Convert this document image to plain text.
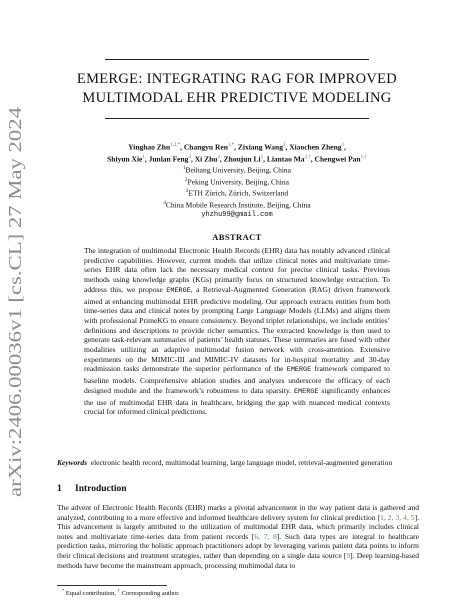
arXiv:2406.00036v1 [cs.CL] 27 May 2024
EMERGE: INTEGRATING RAG FOR IMPROVED
MULTIMODAL EHR PREDICTIVE MODELING
Yinghao Zhu$^{1,2,*}$, Changyu Ren$^{1,*}$, Zixiang Wang$^2$, Xiaochen Zheng$^3$,
Shiyun Xie$^1$, Junlan Feng$^4$, Xi Zhu$^4$, Zhoujun Li$^1$, Liantao $Ma^{2,\dagger}$, Chengwei Pan$^{1,\dagger}$
$^1$Beihang University, Beijing, China
$^2$Peking University, Beijing, China
$^3$ETH Zürich, Zürich, Switzerland
$^4$China Mobile Research Institute, Beijing, China
yhzhu99@gmail.com
ABSTRACT
The integration of multimodal Electronic Health Records (EHR) data has notably advanced clinical predictive capabilities. However, current models that utilize clinical notes and multivariate time-series EHR data often lack the necessary medical context for precise clinical tasks. Previous methods using knowledge graphs (KGs) primarily focus on structured knowledge extraction. To address this, we propose EMERGE, a Retrieval-Augmented Generation (RAG) driven framework aimed at enhancing multimodal EHR predictive modeling. Our approach extracts entities from both time-series data and clinical notes by prompting Large Language Models (LLMs) and aligns them with professional PrimeKG to ensure consistency. Beyond triplet relationships, we include entities’ definitions and descriptions to provide richer semantics. The extracted knowledge is then used to generate task-relevant summaries of patients’ health statuses. These summaries are fused with other modalities utilizing an adaptive multimodal fusion network with cross-attention. Extensive experiments on the MIMIC-III and MIMIC-IV datasets for in-hospital mortality and 30-day readmission tasks demonstrate the superior performance of the EMERGE framework compared to baseline models. Comprehensive ablation studies and analyses underscore the efficacy of each designed module and the framework’s robustness to data sparsity. EMERGE significantly enhances the use of multimodal EHR data in healthcare, bridging the gap with nuanced medical contexts crucial for informed clinical predictions.
Keywords electronic health record, multimodal learning, large language model, retrieval-augmented generation
1 Introduction
The advent of Electronic Health Records (EHR) marks a pivotal advancement in the way patient data is gathered and analyzed, contributing to a more effective and informed healthcare delivery system for clinical prediction [1, 2, 3, 4, 5]. This advancement is largely attributed to the utilization of multimodal EHR data, which primarily includes clinical notes and multivariate time-series data from patient records [6, 7, 8]. Such data types are integral to healthcare prediction tasks, mirroring the holistic approach practitioners adopt by leveraging various patient data points to inform their clinical decisions and treatment strategies, rather than depending on a single data source [9]. Deep learning-based methods have become the mainstream approach, processing multimodal data to
* Equal contribution, † Corresponding author.
